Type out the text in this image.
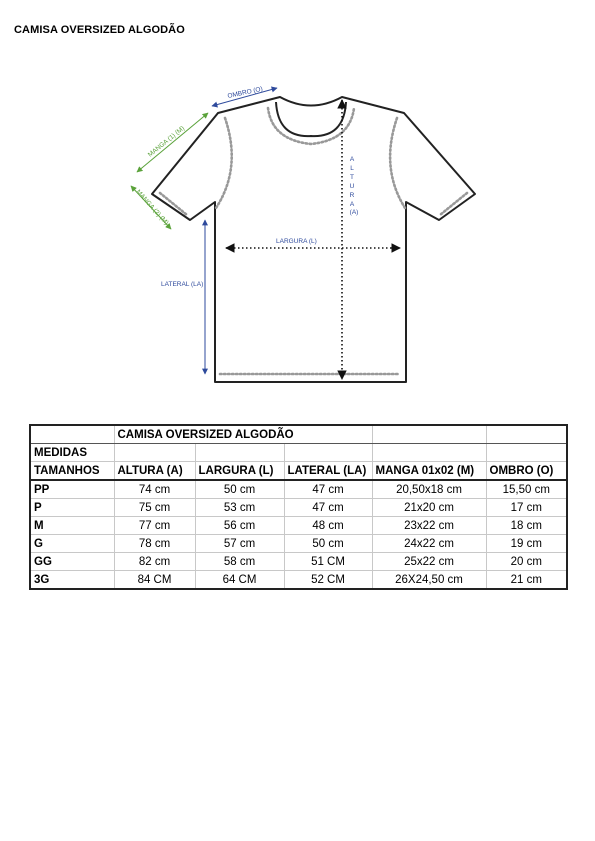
CAMISA OVERSIZED ALGODÃO
OMBRO (O)
MANGA (1) (M)
MANGA (2) (M)
A
L
T
U
R
A
(A)
LARGURA (L)
LATERAL (LA)
	CAMISA OVERSIZED ALGODÃO				
MEDIDAS					
TAMANHOS	ALTURA (A)	LARGURA (L)	LATERAL (LA)	MANGA 01x02 (M)	OMBRO (O)
PP	74 cm	50 cm	47 cm	20,50x18 cm	15,50 cm
P	75 cm	53 cm	47 cm	21x20 cm	17 cm
M	77 cm	56 cm	48 cm	23x22 cm	18 cm
G	78 cm	57 cm	50 cm	24x22 cm	19 cm
GG	82 cm	58 cm	51 CM	25x22 cm	20 cm
3G	84 CM	64 CM	52 CM	26X24,50 cm	21 cm
